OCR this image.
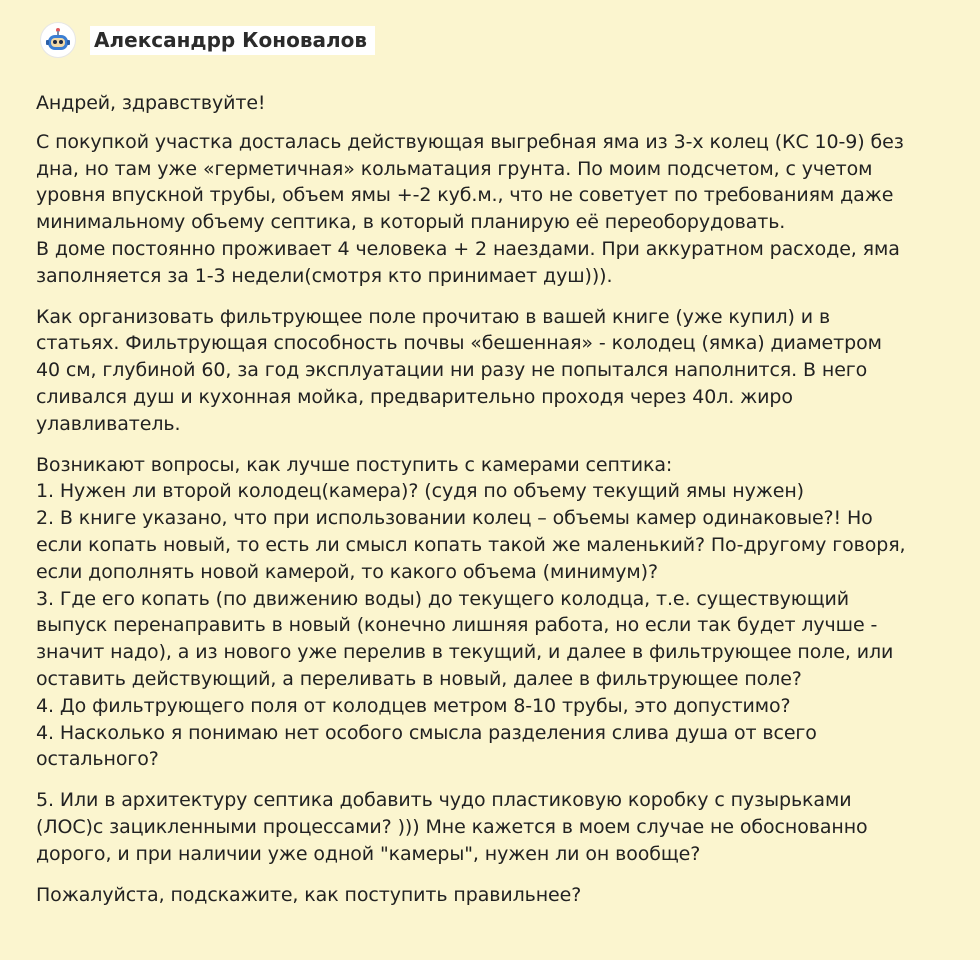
Александрр Коновалов

Андрей, здравствуйте!

С покупкой участка досталась действующая выгребная яма из 3-х колец (КС 10-9) без
дна, но там уже «герметичная» кольматация грунта. По моим подсчетом, с учетом
уровня впускной трубы, объем ямы +-2 куб.м., что не советует по требованиям даже
минимальному объему септика, в который планирую её переоборудовать.
В доме постоянно проживает 4 человека + 2 наездами. При аккуратном расходе, яма
заполняется за 1-3 недели(смотря кто принимает душ))).

Как организовать фильтрующее поле прочитаю в вашей книге (уже купил) и в
статьях. Фильтрующая способность почвы «бешенная» - колодец (ямка) диаметром
40 см, глубиной 60, за год эксплуатации ни разу не попытался наполнится. В него
сливался душ и кухонная мойка, предварительно проходя через 40л. жиро
улавливатель.

Возникают вопросы, как лучше поступить с камерами септика:
1. Нужен ли второй колодец(камера)? (судя по объему текущий ямы нужен)
2. В книге указано, что при использовании колец – объемы камер одинаковые?! Но
если копать новый, то есть ли смысл копать такой же маленький? По-другому говоря,
если дополнять новой камерой, то какого объема (минимум)?
3. Где его копать (по движению воды) до текущего колодца, т.е. существующий
выпуск перенаправить в новый (конечно лишняя работа, но если так будет лучше -
значит надо), а из нового уже перелив в текущий, и далее в фильтрующее поле, или
оставить действующий, а переливать в новый, далее в фильтрующее поле?
4. До фильтрующего поля от колодцев метром 8-10 трубы, это допустимо?
4. Насколько я понимаю нет особого смысла разделения слива душа от всего
остального?

5. Или в архитектуру септика добавить чудо пластиковую коробку с пузырьками
(ЛОС)с зацикленными процессами? ))) Мне кажется в моем случае не обоснованно
дорого, и при наличии уже одной "камеры", нужен ли он вообще?

Пожалуйста, подскажите, как поступить правильнее?
